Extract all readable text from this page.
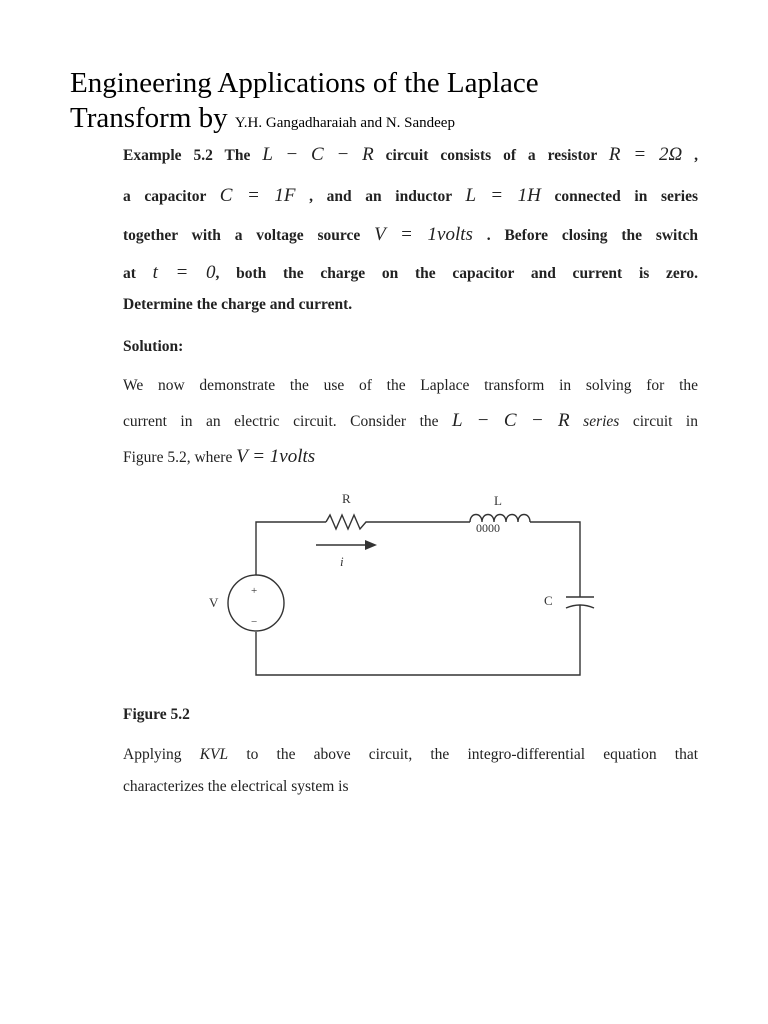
Engineering Applications of the Laplace
Transform by Y.H. Gangadharaiah and N. Sandeep
Example 5.2 The L − C − R circuit consists of a resistor R = 2Ω ,
a capacitor C = 1F , and an inductor L = 1H connected in series
together with a voltage source V = 1volts . Before closing the switch
at t = 0, both the charge on the capacitor and current is zero.
Determine the charge and current.
Solution:
We now demonstrate the use of the Laplace transform in solving for the
current in an electric circuit. Consider the L − C − R series circuit in
Figure 5.2, where V = 1volts
R	L
0000
i
V
+
−
C
Figure 5.2
Applying KVL to the above circuit, the integro-differential equation that
characterizes the electrical system is
